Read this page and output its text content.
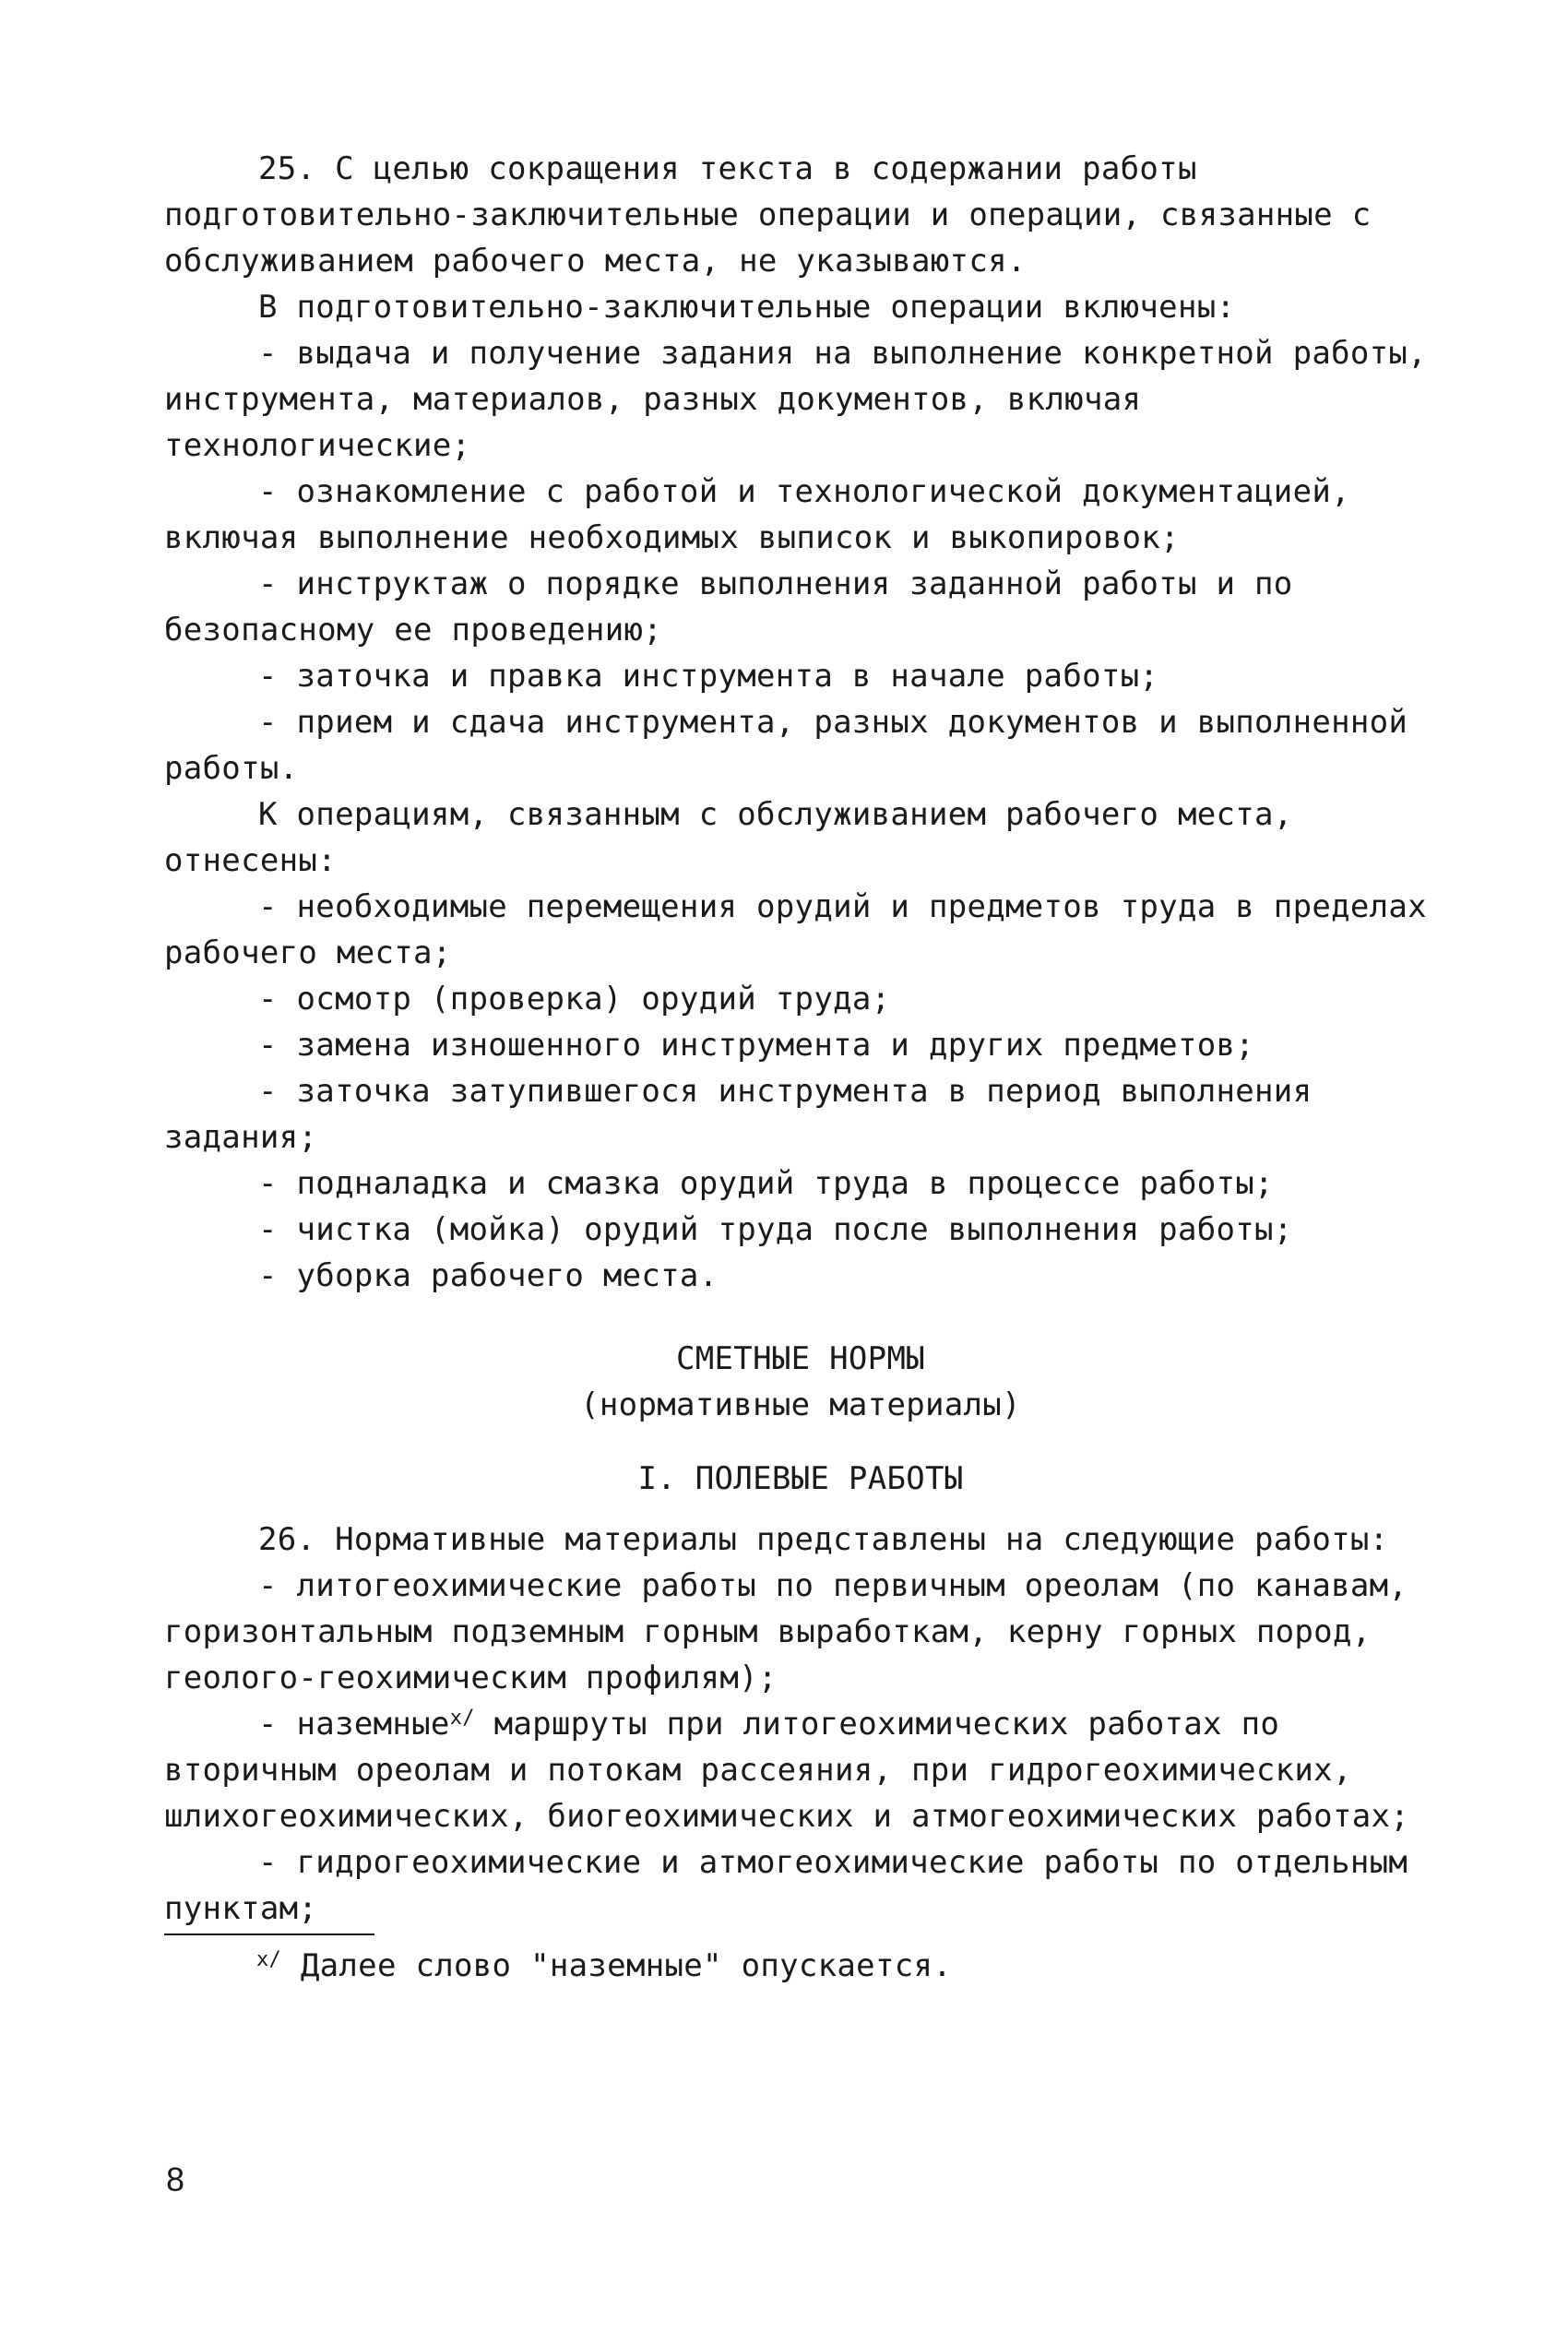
25. С целью сокращения текста в содержании работы подготовительно-заключительные операции и операции, связанные с обслуживанием рабочего места, не указываются.

В подготовительно-заключительные операции включены:

- выдача и получение задания на выполнение конкретной работы, инструмента, материалов, разных документов, включая технологические;

- ознакомление с работой и технологической документацией, включая выполнение необходимых выписок и выкопировок;

- инструктаж о порядке выполнения заданной работы и по безопасному ее проведению;

- заточка и правка инструмента в начале работы;

- прием и сдача инструмента, разных документов и выполненной работы.

К операциям, связанным с обслуживанием рабочего места, отнесены:

- необходимые перемещения орудий и предметов труда в пределах рабочего места;

- осмотр (проверка) орудий труда;

- замена изношенного инструмента и других предметов;

- заточка затупившегося инструмента в период выполнения задания;

- подналадка и смазка орудий труда в процессе работы;

- чистка (мойка) орудий труда после выполнения работы;

- уборка рабочего места.

СМЕТНЫЕ НОРМЫ

(нормативные материалы)

I. ПОЛЕВЫЕ РАБОТЫ

26. Нормативные материалы представлены на следующие работы:

- литогеохимические работы по первичным ореолам (по канавам, горизонтальным подземным горным выработкам, керну горных пород, геолого-геохимическим профилям);

- наземные$^{x/}$ маршруты при литогеохимических работах по вторичным ореолам и потокам рассеяния, при гидрогеохимических, шлихогеохимических, биогеохимических и атмогеохимических работах;

- гидрогеохимические и атмогеохимические работы по отдельным пунктам;

$^{x/}$ Далее слово "наземные" опускается.

8
